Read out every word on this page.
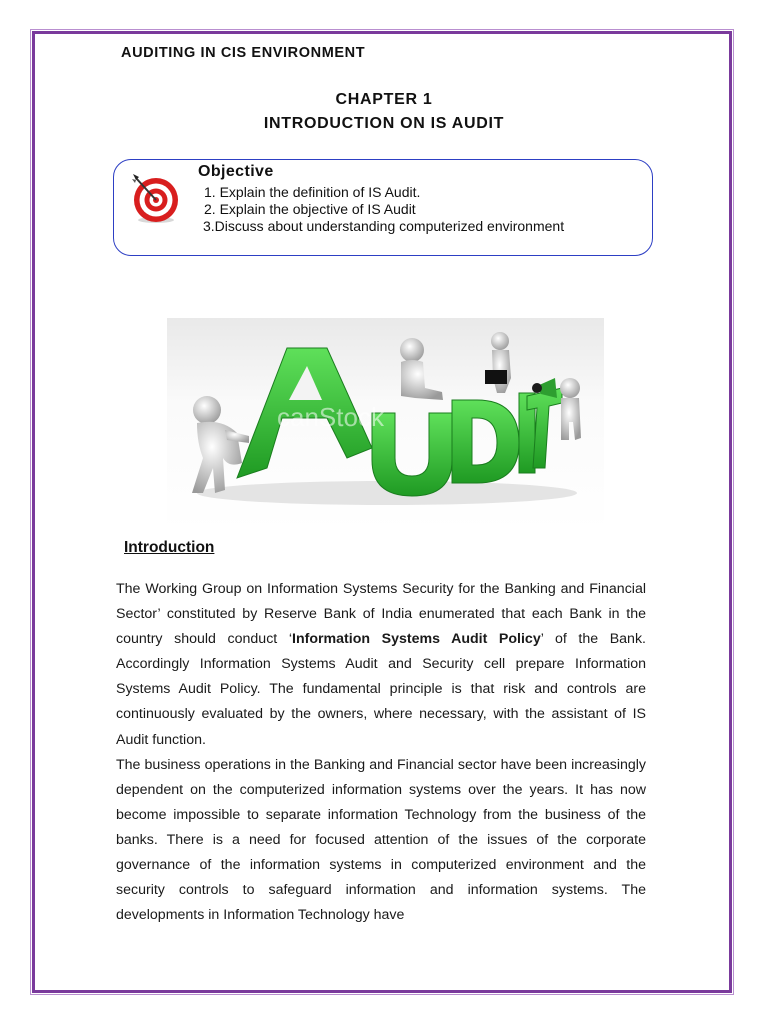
AUDITING IN CIS ENVIRONMENT
CHAPTER 1
INTRODUCTION ON IS AUDIT
Objective
1. Explain the definition of IS Audit.
2. Explain the objective of IS Audit
3.Discuss about understanding computerized environment
canStock
Introduction

The Working Group on Information Systems Security for the Banking and Financial Sector’ constituted by Reserve Bank of India enumerated that each Bank in the country should conduct ‘Information Systems Audit Policy’ of the Bank. Accordingly Information Systems Audit and Security cell prepare Information Systems Audit Policy. The fundamental principle is that risk and controls are continuously evaluated by the owners, where necessary, with the assistant of IS Audit function.

The business operations in the Banking and Financial sector have been increasingly dependent on the computerized information systems over the years. It has now become impossible to separate information Technology from the business of the banks. There is a need for focused attention of the issues of the corporate governance of the information systems in computerized environment and the security controls to safeguard information and information systems. The developments in Information Technology have
